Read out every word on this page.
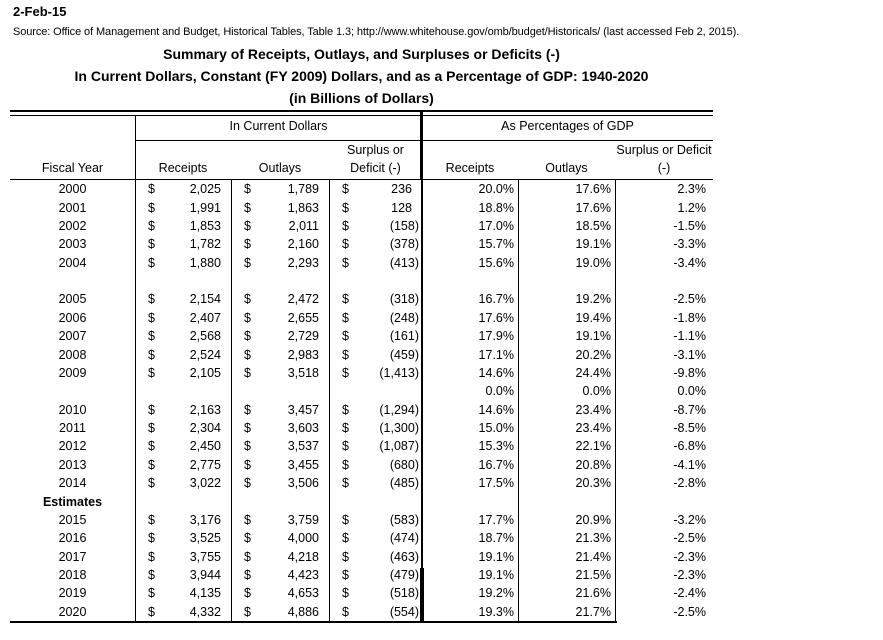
2-Feb-15
Source: Office of Management and Budget, Historical Tables, Table 1.3; http://www.whitehouse.gov/omb/budget/Historicals/ (last accessed Feb 2, 2015).
Summary of Receipts, Outlays, and Surpluses or Deficits (-)
In Current Dollars, Constant (FY 2009) Dollars, and as a Percentage of GDP: 1940-2020
(in Billions of Dollars)
In Current Dollars	As Percentages of GDP
Fiscal Year	Receipts	Outlays
Surplus or Deficit (-)	Receipts	Outlays
Surplus or Deficit (-)
2000	$	2,025	$	1,789	$	236	20.0%	17.6%	2.3%
2001	$	1,991	$	1,863	$	128	18.8%	17.6%	1.2%
2002	$	1,853	$	2,011	$	(158)	17.0%	18.5%	-1.5%
2003	$	1,782	$	2,160	$	(378)	15.7%	19.1%	-3.3%
2004	$	1,880	$	2,293	$	(413)	15.6%	19.0%	-3.4%
2005	$	2,154	$	2,472	$	(318)	16.7%	19.2%	-2.5%
2006	$	2,407	$	2,655	$	(248)	17.6%	19.4%	-1.8%
2007	$	2,568	$	2,729	$	(161)	17.9%	19.1%	-1.1%
2008	$	2,524	$	2,983	$	(459)	17.1%	20.2%	-3.1%
2009	$	2,105	$	3,518	$ (1,413)	14.6%	24.4%	-9.8%
0.0%	0.0%	0.0%
2010	$	2,163	$	3,457	$ (1,294)	14.6%	23.4%	-8.7%
2011	$	2,304	$	3,603	$ (1,300)	15.0%	23.4%	-8.5%
2012	$	2,450	$	3,537	$ (1,087)	15.3%	22.1%	-6.8%
2013	$	2,775	$	3,455	$	(680)	16.7%	20.8%	-4.1%
2014	$	3,022	$	3,506	$	(485)	17.5%	20.3%	-2.8%
Estimates
2015	$	3,176	$	3,759	$	(583)	17.7%	20.9%	-3.2%
2016	$	3,525	$	4,000	$	(474)	18.7%	21.3%	-2.5%
2017	$	3,755	$	4,218	$	(463)	19.1%	21.4%	-2.3%
2018	$	3,944	$	4,423	$	(479)	19.1%	21.5%	-2.3%
2019	$	4,135	$	4,653	$	(518)	19.2%	21.6%	-2.4%
2020	$	4,332	$	4,886	$	(554)	19.3%	21.7%	-2.5%
